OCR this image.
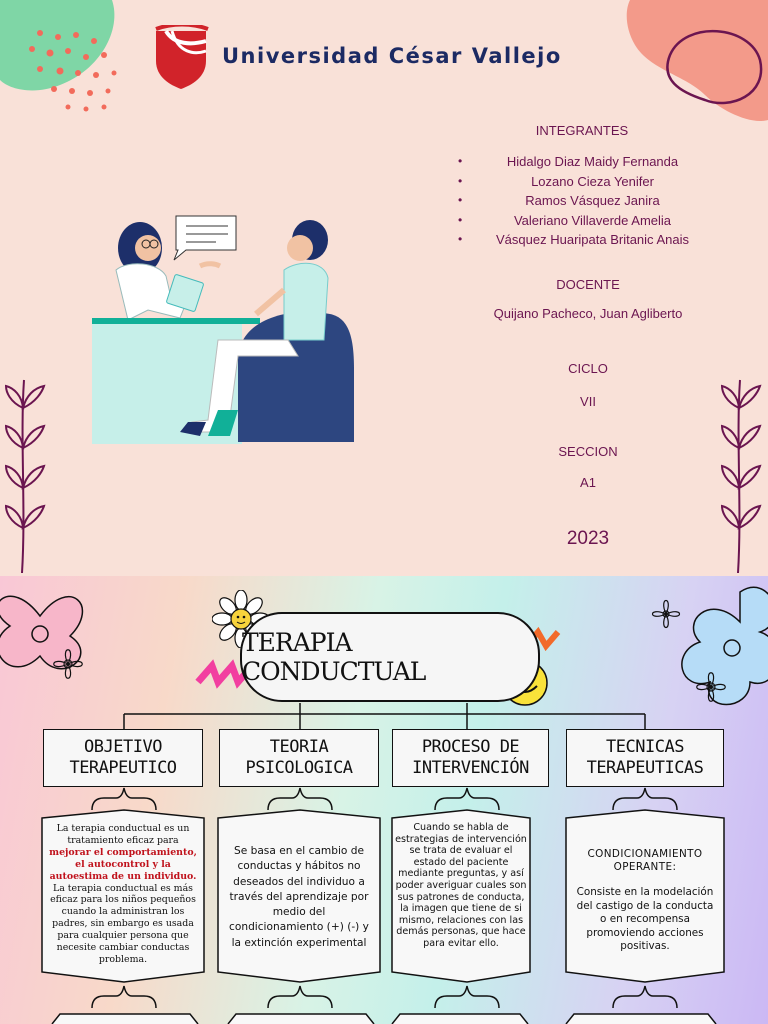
Universidad César Vallejo
INTEGRANTES
• Hidalgo Diaz Maidy Fernanda
• Lozano Cieza Yenifer
• Ramos Vásquez Janira
• Valeriano Villaverde Amelia
• Vásquez Huaripata Britanic Anais
DOCENTE
Quijano Pacheco, Juan Agliberto
CICLO
VII
SECCION
A1
2023
TERAPIA CONDUCTUAL
OBJETIVO
TERAPEUTICO
TEORIA
PSICOLOGICA
PROCESO DE
INTERVENCIÓN
TECNICAS
TERAPEUTICAS
La terapia conductual es un tratamiento eficaz para mejorar el comportamiento, el autocontrol y la autoestima de un individuo. La terapia conductual es más eficaz para los niños pequeños cuando la administran los padres, sin embargo es usada para cualquier persona que necesite cambiar conductas problema.
Se basa en el cambio de conductas y hábitos no deseados del individuo a través del aprendizaje por medio del condicionamiento (+) (-) y la extinción experimental
Cuando se habla de estrategias de intervención se trata de evaluar el estado del paciente mediante preguntas, y así poder averiguar cuales son sus patrones de conducta, la imagen que tiene de si mismo, relaciones con las demás personas, que hace para evitar ello.
CONDICIONAMIENTO OPERANTE:
Consiste en la modelación del castigo de la conducta o en recompensa promoviendo acciones positivas.
